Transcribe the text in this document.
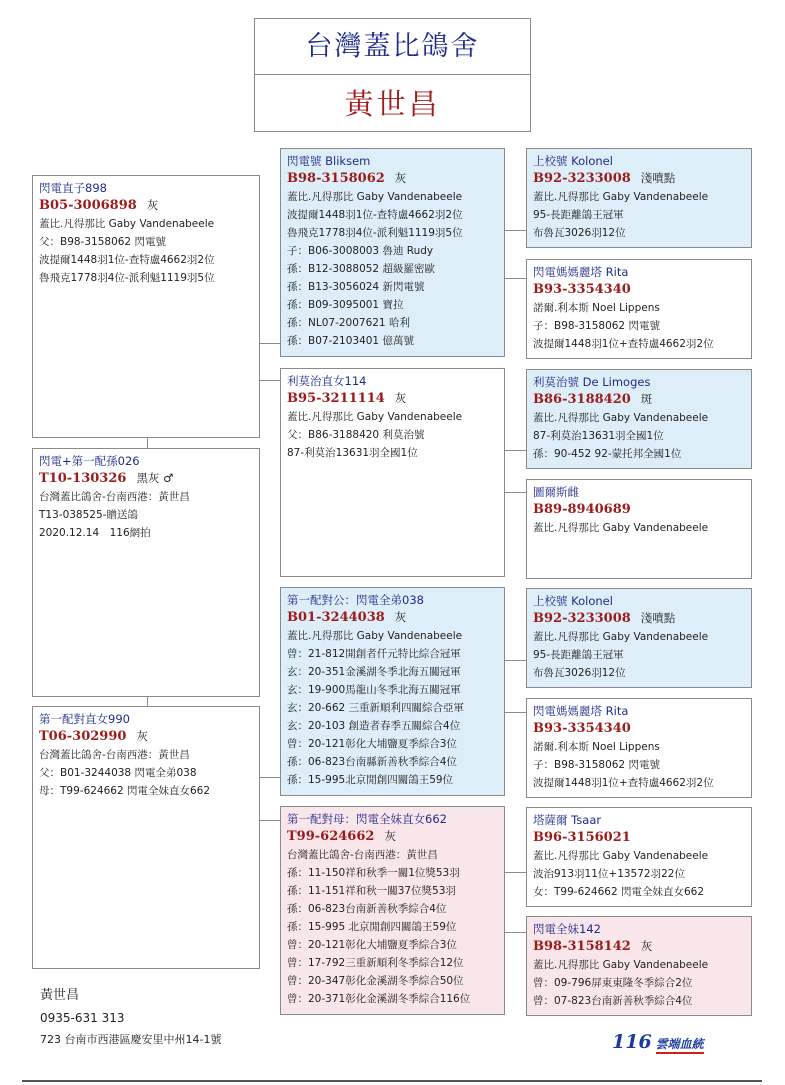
台灣蓋比鴿舍
黃世昌
閃電直子898
B05-3006898 灰
蓋比.凡得那比 Gaby Vandenabeele
父：B98-3158062 閃電號
波提爾1448羽1位-查特盧4662羽2位
魯飛克1778羽4位-派利魁1119羽5位
閃電+第一配孫026
T10-130326 黑灰 ♂
台灣蓋比鴿舍-台南西港：黃世昌
T13-038525-贈送鴿
2020.12.14　116網拍
第一配對直女990
T06-302990 灰
台灣蓋比鴿舍-台南西港：黃世昌
父：B01-3244038 閃電全弟038
母：T99-624662 閃電全妹直女662
閃電號 Bliksem
B98-3158062 灰
蓋比.凡得那比 Gaby Vandenabeele
波提爾1448羽1位-查特盧4662羽2位
魯飛克1778羽4位-派利魁1119羽5位
子：B06-3008003 魯迪 Rudy
孫：B12-3088052 超級羅密歐
孫：B13-3056024 新閃電號
孫：B09-3095001 寶拉
孫：NL07-2007621 哈利
孫：B07-2103401 億萬號
利莫治直女114
B95-3211114 灰
蓋比.凡得那比 Gaby Vandenabeele
父：B86-3188420 利莫治號
87-利莫治13631羽全國1位
第一配對公：閃電全弟038
B01-3244038 灰
蓋比.凡得那比 Gaby Vandenabeele
曾：21-812開創者仟元特比綜合冠軍
玄：20-351金溪湖冬季北海五關冠軍
玄：19-900馬龍山冬季北海五關冠軍
玄：20-662 三重新順利四關綜合亞軍
玄：20-103 創造者春季五關綜合4位
曾：20-121彰化大埔鹽夏季綜合3位
孫：06-823台南縣新善秋季綜合4位
孫：15-995北京閒創四關鴿王59位
第一配對母：閃電全妹直女662
T99-624662 灰
台灣蓋比鴿舍-台南西港：黃世昌
孫：11-150祥和秋季一關1位獎53羽
孫：11-151祥和秋一關37位獎53羽
孫：06-823台南新善秋季綜合4位
孫：15-995 北京閒創四關鴿王59位
曾：20-121彰化大埔鹽夏季綜合3位
曾：17-792三重新順利冬季綜合12位
曾：20-347彰化金溪湖冬季綜合50位
曾：20-371彰化金溪湖冬季綜合116位
上校號 Kolonel
B92-3233008 淺噴點
蓋比.凡得那比 Gaby Vandenabeele
95-長距離鴿王冠軍
布魯瓦3026羽12位
閃電媽媽麗塔 Rita
B93-3354340
諾爾.利本斯 Noel Lippens
子：B98-3158062 閃電號
波提爾1448羽1位+查特盧4662羽2位
利莫治號 De Limoges
B86-3188420 斑
蓋比.凡得那比 Gaby Vandenabeele
87-利莫治13631羽全國1位
孫：90-452 92-蒙托邦全國1位
圖爾斯雌
B89-8940689
蓋比.凡得那比 Gaby Vandenabeele
上校號 Kolonel
B92-3233008 淺噴點
蓋比.凡得那比 Gaby Vandenabeele
95-長距離鴿王冠軍
布魯瓦3026羽12位
閃電媽媽麗塔 Rita
B93-3354340
諾爾.利本斯 Noel Lippens
子：B98-3158062 閃電號
波提爾1448羽1位+查特盧4662羽2位
塔薩爾 Tsaar
B96-3156021
蓋比.凡得那比 Gaby Vandenabeele
波治913羽11位+13572羽22位
女：T99-624662 閃電全妹直女662
閃電全妹142
B98-3158142 灰
蓋比.凡得那比 Gaby Vandenabeele
曾：09-796屏東東隆冬季綜合2位
曾：07-823台南新善秋季綜合4位
黃世昌
0935-631 313
723 台南市西港區慶安里中州14-1號	116 雲端血統
